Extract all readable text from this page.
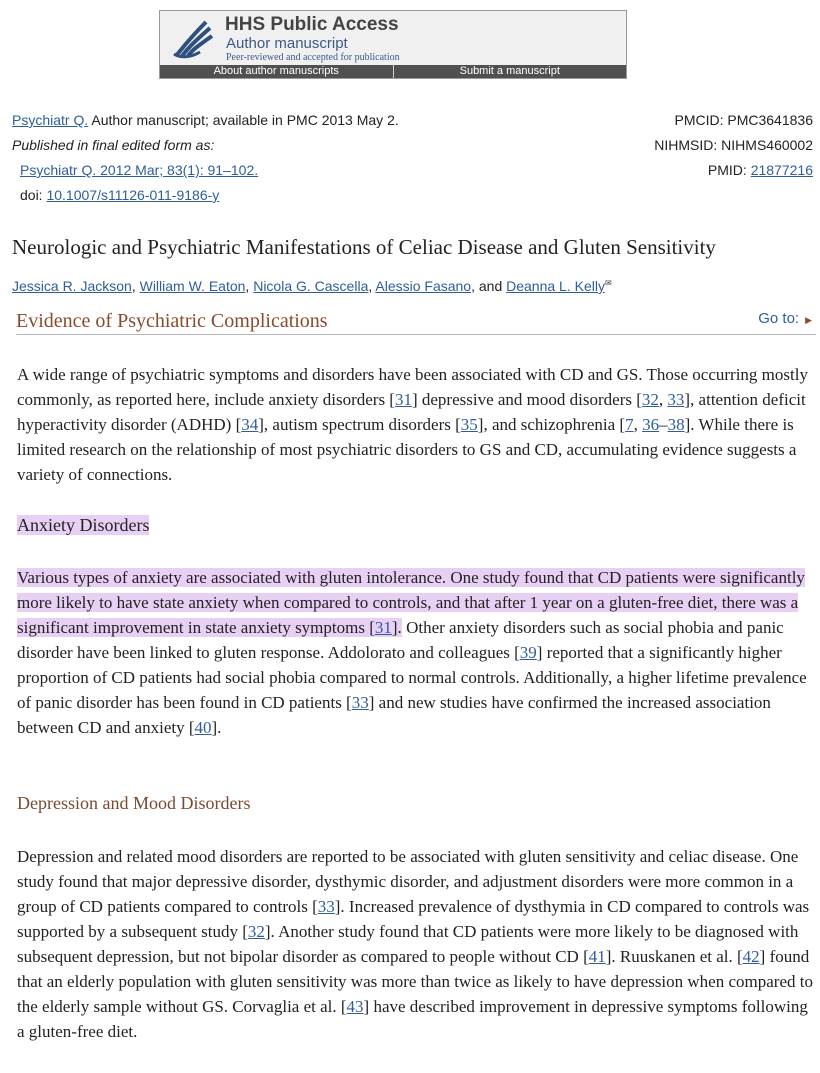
HHS Public Access
Author manuscript
Peer-reviewed and accepted for publication
About author manuscripts	Submit a manuscript
Psychiatr Q. Author manuscript; available in PMC 2013 May 2.
Published in final edited form as:
Psychiatr Q. 2012 Mar; 83(1): 91–102.
doi: 10.1007/s11126-011-9186-y
PMCID: PMC3641836
NIHMSID: NIHMS460002
PMID: 21877216
Neurologic and Psychiatric Manifestations of Celiac Disease and Gluten Sensitivity
Jessica R. Jackson, William W. Eaton, Nicola G. Cascella, Alessio Fasano, and Deanna L. Kelly✉
Evidence of Psychiatric Complications	Go to: ▶
A wide range of psychiatric symptoms and disorders have been associated with CD and GS. Those occurring mostly commonly, as reported here, include anxiety disorders [31] depressive and mood disorders [32, 33], attention deficit hyperactivity disorder (ADHD) [34], autism spectrum disorders [35], and schizophrenia [7, 36–38]. While there is limited research on the relationship of most psychiatric disorders to GS and CD, accumulating evidence suggests a variety of connections.
Anxiety Disorders
Various types of anxiety are associated with gluten intolerance. One study found that CD patients were significantly more likely to have state anxiety when compared to controls, and that after 1 year on a gluten-free diet, there was a significant improvement in state anxiety symptoms [31]. Other anxiety disorders such as social phobia and panic disorder have been linked to gluten response. Addolorato and colleagues [39] reported that a significantly higher proportion of CD patients had social phobia compared to normal controls. Additionally, a higher lifetime prevalence of panic disorder has been found in CD patients [33] and new studies have confirmed the increased association between CD and anxiety [40].
Depression and Mood Disorders
Depression and related mood disorders are reported to be associated with gluten sensitivity and celiac disease. One study found that major depressive disorder, dysthymic disorder, and adjustment disorders were more common in a group of CD patients compared to controls [33]. Increased prevalence of dysthymia in CD compared to controls was supported by a subsequent study [32]. Another study found that CD patients were more likely to be diagnosed with subsequent depression, but not bipolar disorder as compared to people without CD [41]. Ruuskanen et al. [42] found that an elderly population with gluten sensitivity was more than twice as likely to have depression when compared to the elderly sample without GS. Corvaglia et al. [43] have described improvement in depressive symptoms following a gluten-free diet.
